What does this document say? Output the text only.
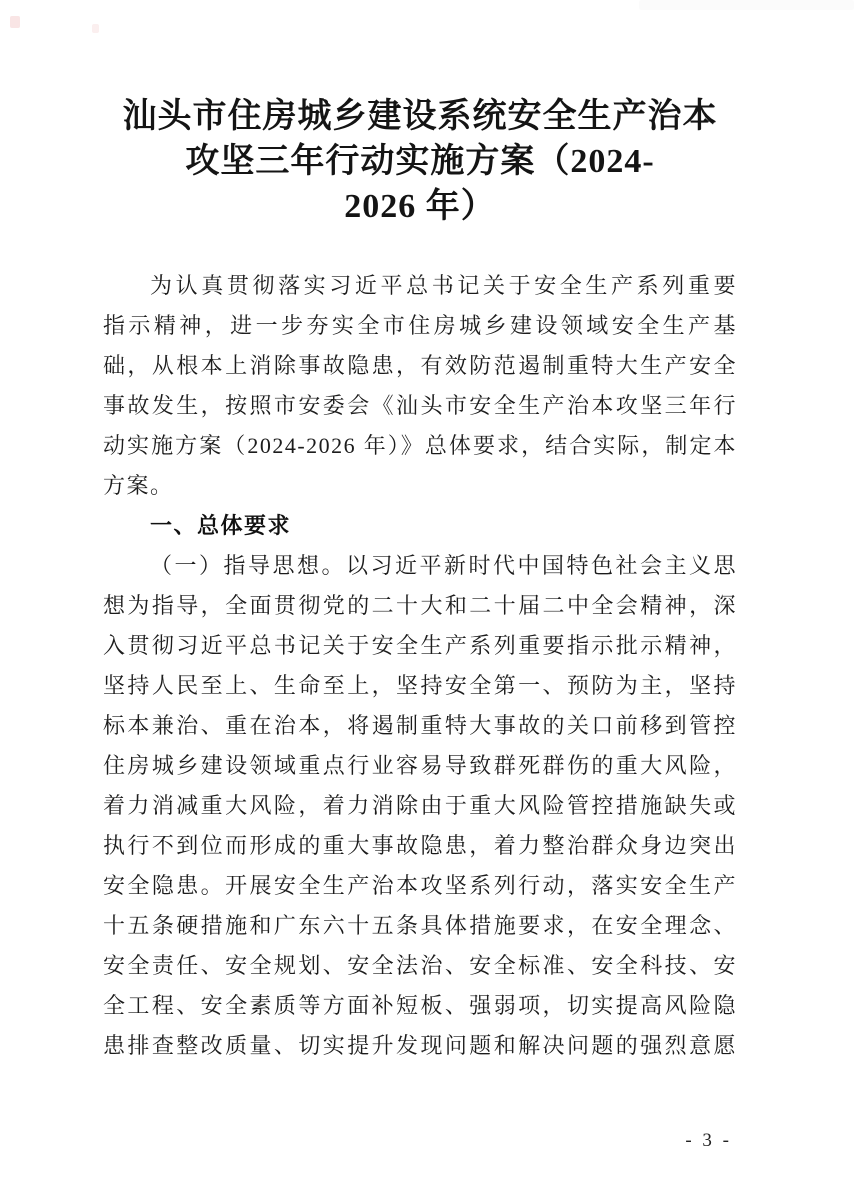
汕头市住房城乡建设系统安全生产治本
攻坚三年行动实施方案（2024-
2026 年）
为认真贯彻落实习近平总书记关于安全生产系列重要
指示精神，进一步夯实全市住房城乡建设领域安全生产基
础，从根本上消除事故隐患，有效防范遏制重特大生产安全
事故发生，按照市安委会《汕头市安全生产治本攻坚三年行
动实施方案（2024-2026 年）》总体要求，结合实际，制定本
方案。
一、总体要求
（一）指导思想。以习近平新时代中国特色社会主义思
想为指导，全面贯彻党的二十大和二十届二中全会精神，深
入贯彻习近平总书记关于安全生产系列重要指示批示精神，
坚持人民至上、生命至上，坚持安全第一、预防为主，坚持
标本兼治、重在治本，将遏制重特大事故的关口前移到管控
住房城乡建设领域重点行业容易导致群死群伤的重大风险，
着力消减重大风险，着力消除由于重大风险管控措施缺失或
执行不到位而形成的重大事故隐患，着力整治群众身边突出
安全隐患。开展安全生产治本攻坚系列行动，落实安全生产
十五条硬措施和广东六十五条具体措施要求，在安全理念、
安全责任、安全规划、安全法治、安全标准、安全科技、安
全工程、安全素质等方面补短板、强弱项，切实提高风险隐
患排查整改质量、切实提升发现问题和解决问题的强烈意愿
- 3 -
